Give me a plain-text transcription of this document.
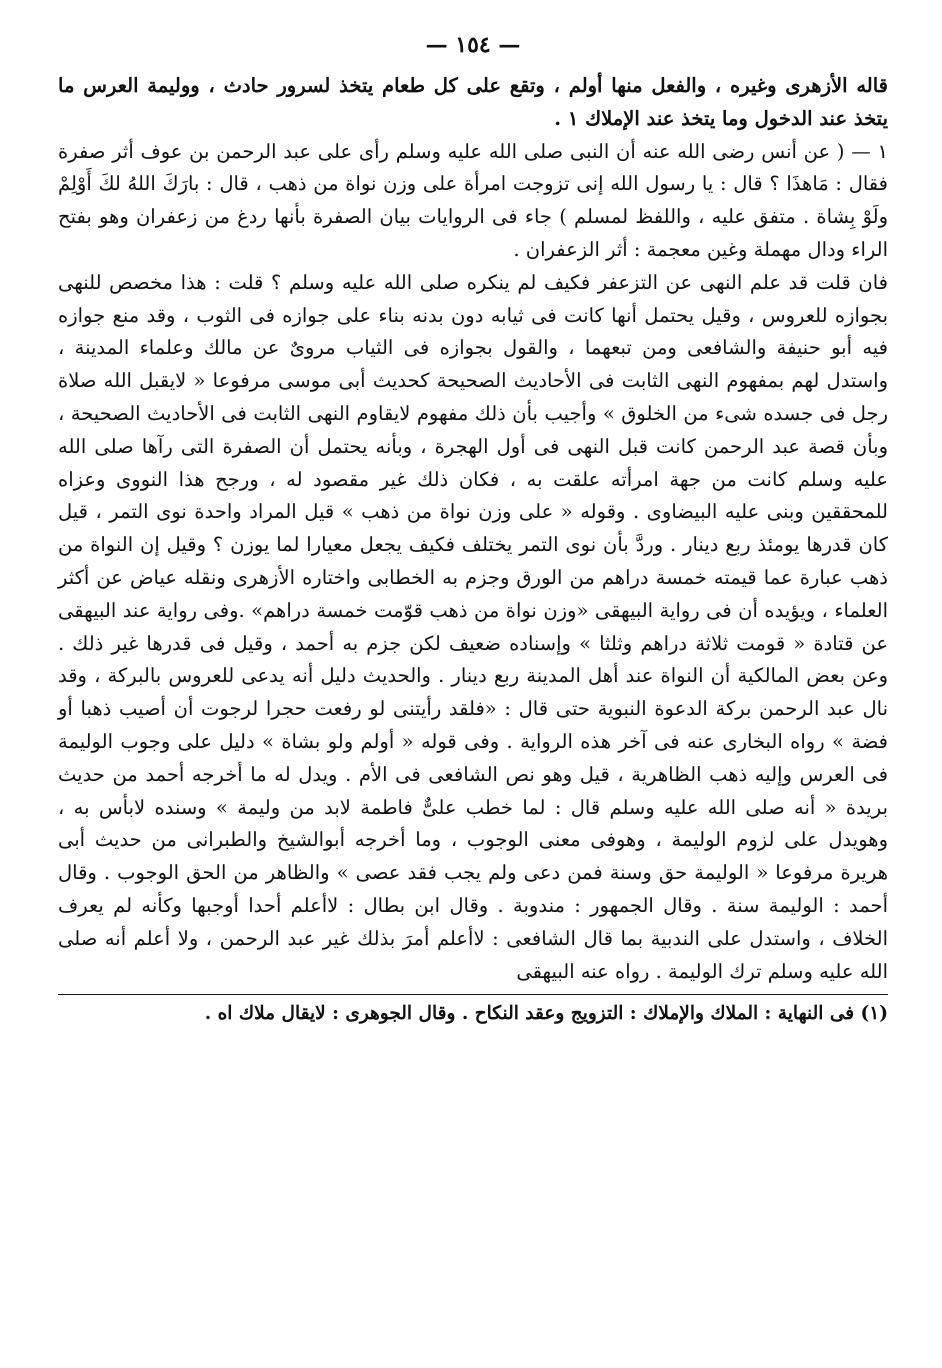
— ١٥٤ —

قاله الأزهرى وغيره ، والفعل منها أولم ، وتقع على كل طعام يتخذ لسرور حادث ، ووليمة العرس ما يتخذ عند الدخول وما يتخذ عند الإملاك ١ .

١ — ( عن أنس رضى الله عنه أن النبى صلى الله عليه وسلم رأى على عبد الرحمن بن عوف أثر صفرة فقال : مَاهذَا ؟ قال : يا رسول الله إنى تزوجت امرأة على وزن نواة من ذهب ، قال : بارَكَ اللهُ لكَ أَوْلِمْ ولَوْ بِشاة . متفق عليه ، واللفظ لمسلم ) جاء فى الروايات بيان الصفرة بأنها ردغ من زعفران وهو بفتح الراء ودال مهملة وغين معجمة : أثر الزعفران .

فان قلت قد علم النهى عن التزعفر فكيف لم ينكره صلى الله عليه وسلم ؟ قلت : هذا مخصص للنهى بجوازه للعروس ، وقيل يحتمل أنها كانت فى ثيابه دون بدنه بناء على جوازه فى الثوب ، وقد منع جوازه فيه أبو حنيفة والشافعى ومن تبعهما ، والقول بجوازه فى الثياب مروىٌ عن مالك وعلماء المدينة ، واستدل لهم بمفهوم النهى الثابت فى الأحاديث الصحيحة كحديث أبى موسى مرفوعا « لايقبل الله صلاة رجل فى جسده شىء من الخلوق » وأجيب بأن ذلك مفهوم لايقاوم النهى الثابت فى الأحاديث الصحيحة ، وبأن قصة عبد الرحمن كانت قبل النهى فى أول الهجرة ، وبأنه يحتمل أن الصفرة التى رآها صلى الله عليه وسلم كانت من جهة امرأته علقت به ، فكان ذلك غير مقصود له ، ورجح هذا النووى وعزاه للمحققين وبنى عليه البيضاوى . وقوله « على وزن نواة من ذهب » قيل المراد واحدة نوى التمر ، قيل كان قدرها يومئذ ربع دينار . وردَّ بأن نوى التمر يختلف فكيف يجعل معيارا لما يوزن ؟ وقيل إن النواة من ذهب عبارة عما قيمته خمسة دراهم من الورق وجزم به الخطابى واختاره الأزهرى ونقله عياض عن أكثر العلماء ، ويؤيده أن فى رواية البيهقى «وزن نواة من ذهب قوّمت خمسة دراهم» .وفى رواية عند البيهقى عن قتادة « قومت ثلاثة دراهم وثلثا » وإسناده ضعيف لكن جزم به أحمد ، وقيل فى قدرها غير ذلك . وعن بعض المالكية أن النواة عند أهل المدينة ربع دينار . والحديث دليل أنه يدعى للعروس بالبركة ، وقد نال عبد الرحمن بركة الدعوة النبوية حتى قال : «فلقد رأيتنى لو رفعت حجرا لرجوت أن أصيب ذهبا أو فضة » رواه البخارى عنه فى آخر هذه الرواية . وفى قوله « أولم ولو بشاة » دليل على وجوب الوليمة فى العرس وإليه ذهب الظاهرية ، قيل وهو نص الشافعى فى الأم . ويدل له ما أخرجه أحمد من حديث بريدة « أنه صلى الله عليه وسلم قال : لما خطب علىٌّ فاطمة لابد من وليمة » وسنده لابأس به ، وهويدل على لزوم الوليمة ، وهوفى معنى الوجوب ، وما أخرجه أبوالشيخ والطبرانى من حديث أبى هريرة مرفوعا « الوليمة حق وسنة فمن دعى ولم يجب فقد عصى » والظاهر من الحق الوجوب . وقال أحمد : الوليمة سنة . وقال الجمهور : مندوبة . وقال ابن بطال : لاأعلم أحدا أوجبها وكأنه لم يعرف الخلاف ، واستدل على الندبية بما قال الشافعى : لاأعلم أمرَ بذلك غير عبد الرحمن ، ولا أعلم أنه صلى الله عليه وسلم ترك الوليمة . رواه عنه البيهقى

(١) فى النهاية : الملاك والإملاك : التزويج وعقد النكاح . وقال الجوهرى : لايقال ملاك اه .
